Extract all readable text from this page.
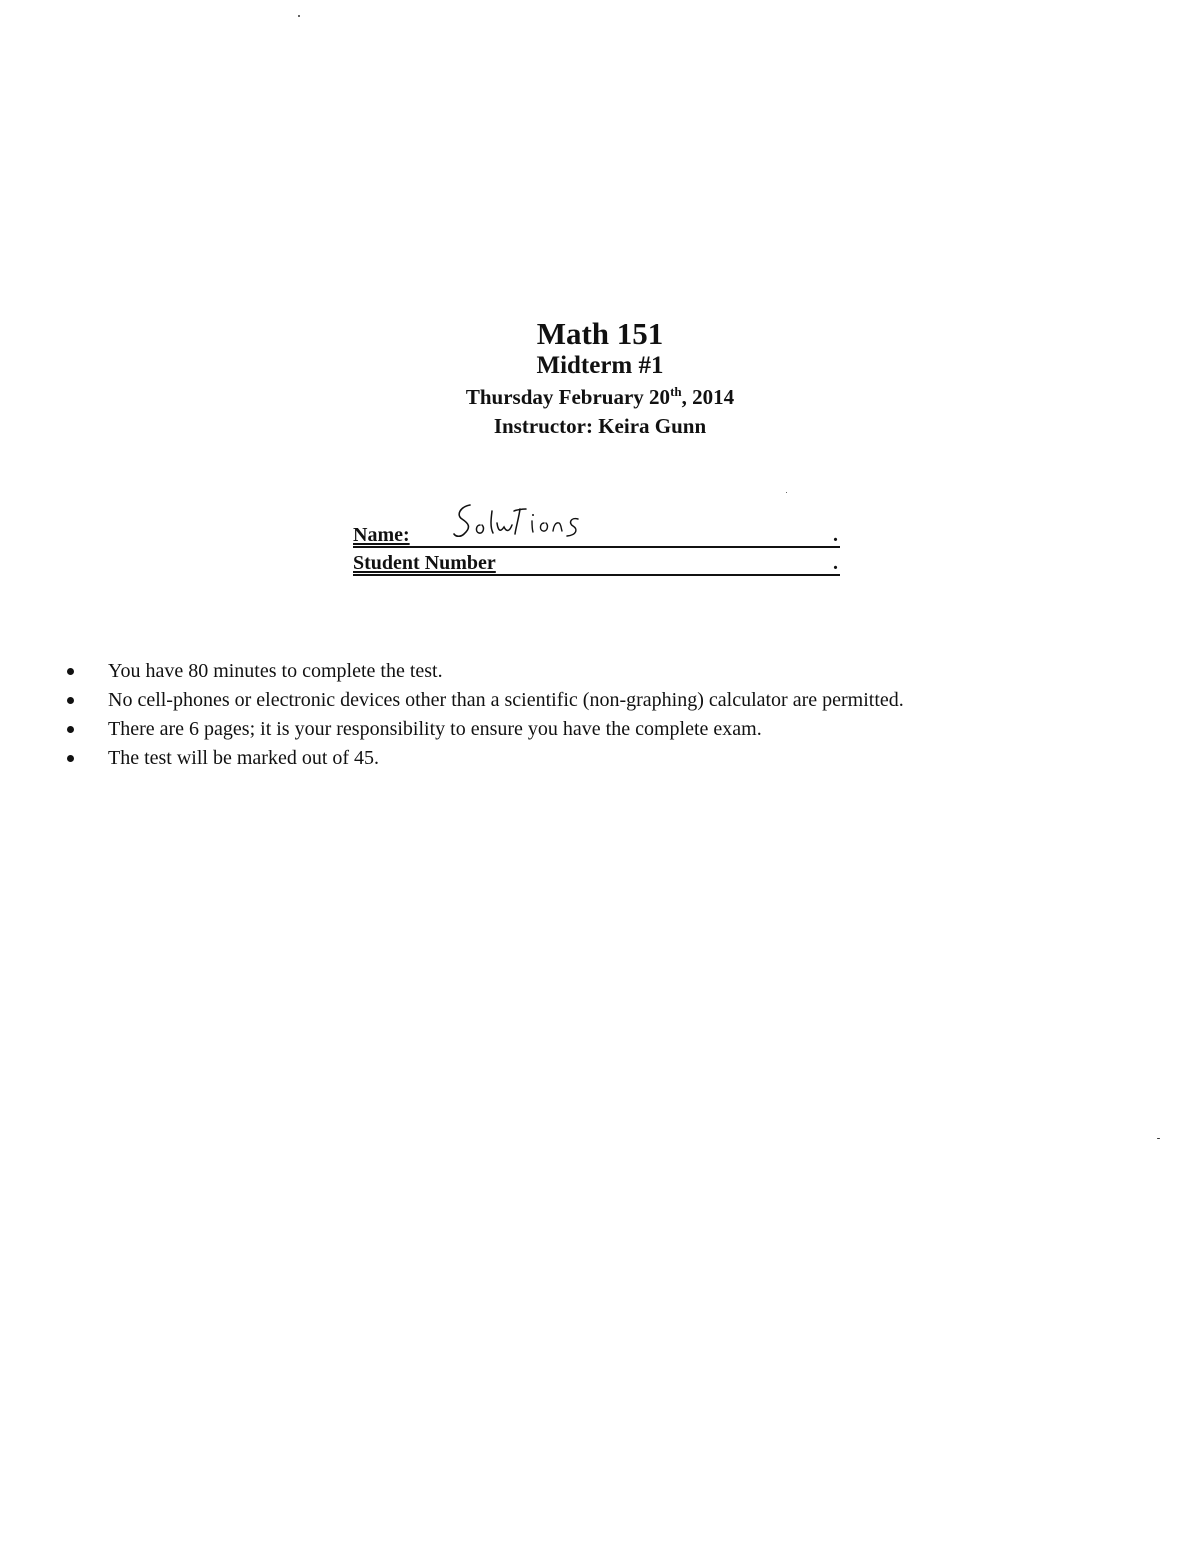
Math 151
Midterm #1
Thursday February 20th, 2014
Instructor: Keira Gunn
Name:	.
Student Number	.
You have 80 minutes to complete the test.
No cell-phones or electronic devices other than a scientific (non-graphing) calculator are permitted.
There are 6 pages; it is your responsibility to ensure you have the complete exam.
The test will be marked out of 45.
